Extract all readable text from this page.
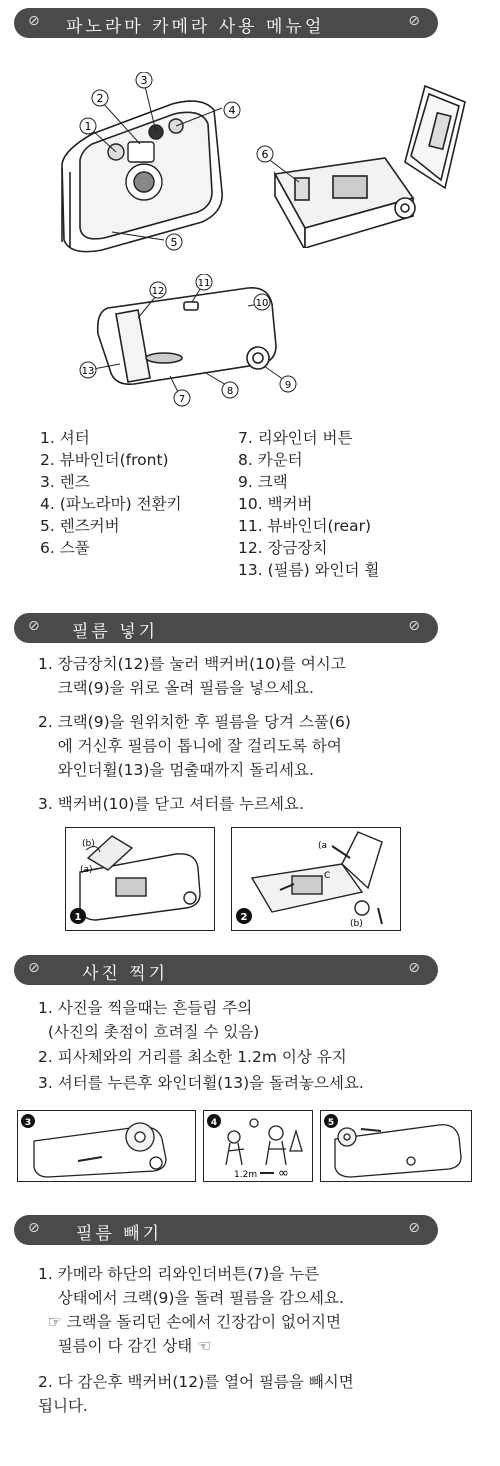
⊘ 파노라마 카메라 사용 메뉴얼	⊘
1
2
3
4
5
6
12
11
10
13
7
8
9
1. 셔터
2. 뷰바인더(front)
3. 렌즈
4. (파노라마) 전환키
5. 렌즈커버
6. 스풀
7. 리와인더 버튼
8. 카운터
9. 크랙
10. 백커버
11. 뷰바인더(rear)
12. 장금장치
13. (필름) 와인더 휠
⊘ 필름 넣기	⊘
1. 장금장치(12)를 눌러 백커버(10)를 여시고
크랙(9)을 위로 올려 필름을 넣으세요.
2. 크랙(9)을 원위치한 후 필름을 당겨 스풀(6)
에 거신후 필름이 톱니에 잘 걸리도록 하여
와인더휠(13)을 멈출때까지 돌리세요.
3. 백커버(10)를 닫고 셔터를 누르세요.
(b)
(a)
1
(a
C
(b)
2
⊘ 사진 찍기	⊘
1. 사진을 찍을때는 흔들림 주의
(사진의 촛점이 흐려질 수 있음)
2. 피사체와의 거리를 최소한 1.2m 이상 유지
3. 셔터를 누른후 와인더휠(13)을 돌려놓으세요.
3
1.2m ∞
4	5
⊘ 필름 빼기	⊘
1. 카메라 하단의 리와인더버튼(7)을 누른
상태에서 크랙(9)을 돌려 필름을 감으세요.
☞ 크랙을 돌리던 손에서 긴장감이 없어지면
필름이 다 감긴 상태 ☜
2. 다 감은후 백커버(12)를 열어 필름을 빼시면
됩니다.
